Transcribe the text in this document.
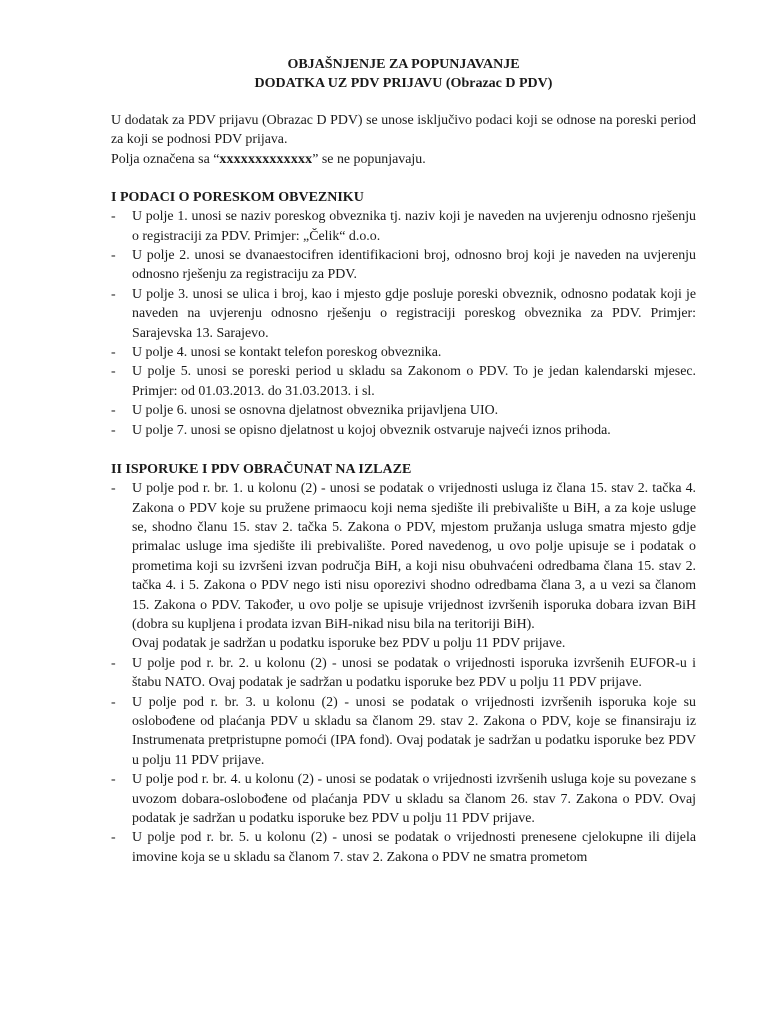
OBJAŠNJENJE ZA POPUNJAVANJE
DODATKA UZ PDV PRIJAVU (Obrazac D PDV)

U dodatak za PDV prijavu (Obrazac D PDV) se unose isključivo podaci koji se odnose na poreski period za koji se podnosi PDV prijava.

Polja označena sa “xxxxxxxxxxxxx” se ne popunjavaju.

I PODACI O PORESKOM OBVEZNIKU
- U polje 1. unosi se naziv poreskog obveznika tj. naziv koji je naveden na uvjerenju odnosno rješenju o registraciji za PDV. Primjer: „Čelik“ d.o.o.
- U polje 2. unosi se dvanaestocifren identifikacioni broj, odnosno broj koji je naveden na uvjerenju odnosno rješenju za registraciju za PDV.
- U polje 3. unosi se ulica i broj, kao i mjesto gdje posluje poreski obveznik, odnosno podatak koji je naveden na uvjerenju odnosno rješenju o registraciji poreskog obveznika za PDV. Primjer: Sarajevska 13. Sarajevo.
- U polje 4. unosi se kontakt telefon poreskog obveznika.
- U polje 5. unosi se poreski period u skladu sa Zakonom o PDV. To je jedan kalendarski mjesec. Primjer: od 01.03.2013. do 31.03.2013. i sl.
- U polje 6. unosi se osnovna djelatnost obveznika prijavljena UIO.
- U polje 7. unosi se opisno djelatnost u kojoj obveznik ostvaruje najveći iznos prihoda.
II ISPORUKE I PDV OBRAČUNAT NA IZLAZE
- U polje pod r. br. 1. u kolonu (2) - unosi se podatak o vrijednosti usluga iz člana 15. stav 2. tačka 4. Zakona o PDV koje su pružene primaocu koji nema sjedište ili prebivalište u BiH, a za koje usluge se, shodno članu 15. stav 2. tačka 5. Zakona o PDV, mjestom pružanja usluga smatra mjesto gdje primalac usluge ima sjedište ili prebivalište. Pored navedenog, u ovo polje upisuje se i podatak o prometima koji su izvršeni izvan područja BiH, a koji nisu obuhvaćeni odredbama člana 15. stav 2. tačka 4. i 5. Zakona o PDV nego isti nisu oporezivi shodno odredbama člana 3, a u vezi sa članom 15. Zakona o PDV. Također, u ovo polje se upisuje vrijednost izvršenih isporuka dobara izvan BiH (dobra su kupljena i prodata izvan BiH-nikad nisu bila na teritoriji BiH).
Ovaj podatak je sadržan u podatku isporuke bez PDV u polju 11 PDV prijave.
- U polje pod r. br. 2. u kolonu (2) - unosi se podatak o vrijednosti isporuka izvršenih EUFOR-u i štabu NATO. Ovaj podatak je sadržan u podatku isporuke bez PDV u polju 11 PDV prijave.
- U polje pod r. br. 3. u kolonu (2) - unosi se podatak o vrijednosti izvršenih isporuka koje su oslobođene od plaćanja PDV u skladu sa članom 29. stav 2. Zakona o PDV, koje se finansiraju iz Instrumenata pretpristupne pomoći (IPA fond). Ovaj podatak je sadržan u podatku isporuke bez PDV u polju 11 PDV prijave.
- U polje pod r. br. 4. u kolonu (2) - unosi se podatak o vrijednosti izvršenih usluga koje su povezane s uvozom dobara-oslobođene od plaćanja PDV u skladu sa članom 26. stav 7. Zakona o PDV. Ovaj podatak je sadržan u podatku isporuke bez PDV u polju 11 PDV prijave.
- U polje pod r. br. 5. u kolonu (2) - unosi se podatak o vrijednosti prenesene cjelokupne ili dijela imovine koja se u skladu sa članom 7. stav 2. Zakona o PDV ne smatra prometom
